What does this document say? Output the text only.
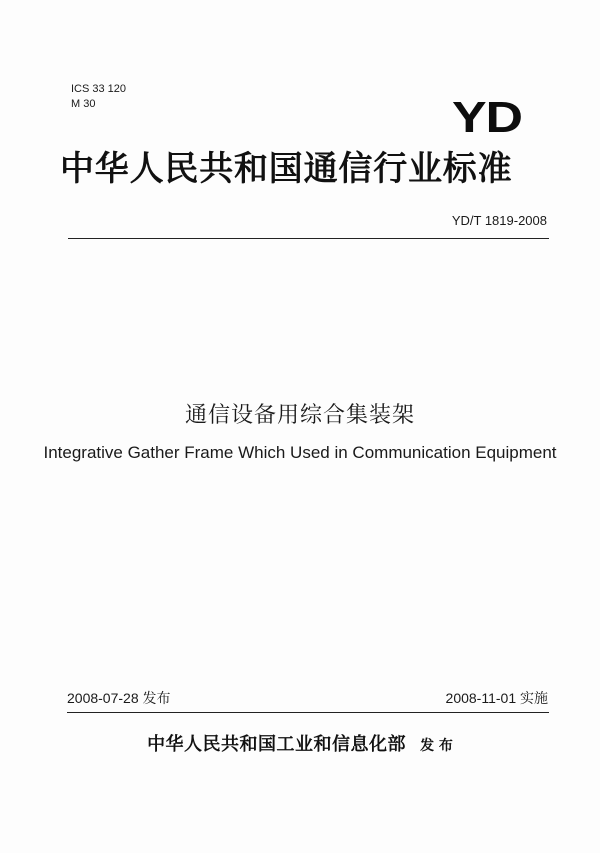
ICS 33 120
M 30	YD
中华人民共和国通信行业标准
YD/T 1819-2008
通信设备用综合集装架
Integrative Gather Frame Which Used in Communication Equipment
2008-07-28 发布	2008-11-01 实施
中华人民共和国工业和信息化部 发 布
